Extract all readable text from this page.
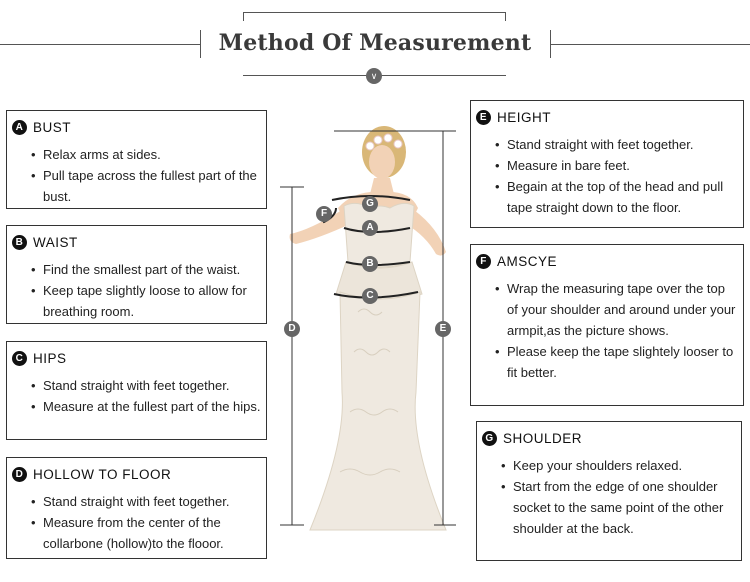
Method Of Measurement
∨
A BUST
• Relax arms at sides.
• Pull tape across the fullest part of the bust.
B WAIST
• Find the smallest part of the waist.
• Keep tape slightly loose to allow for breathing room.
C HIPS
• Stand straight with feet together.
• Measure at the fullest part of the hips.
D HOLLOW TO FLOOR
• Stand straight with feet together.
• Measure from the center of the collarbone (hollow)to the flooor.
E HEIGHT
• Stand straight with feet together.
• Measure in bare feet.
• Begain at the top of the head and pull tape straight down to the floor.
F AMSCYE
• Wrap the measuring tape over the top of your shoulder and around under your armpit,as the picture shows.
• Please keep the tape slightely looser to fit better.
G SHOULDER
• Keep your shoulders relaxed.
• Start from the edge of one shoulder socket to the same point of the other shoulder at the back.
G
A
B
C
F
D	E
